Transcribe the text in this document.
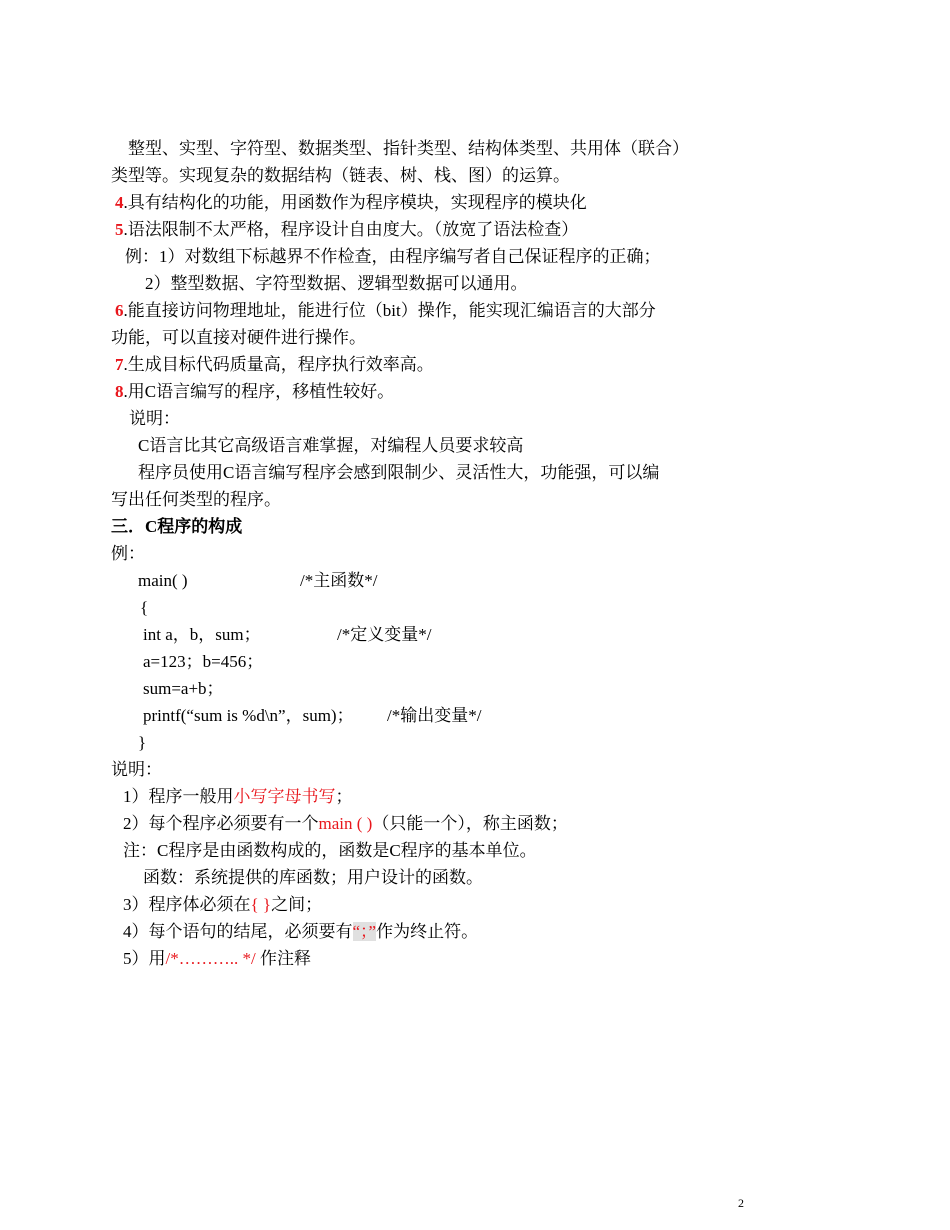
整型、实型、字符型、数据类型、指针类型、结构体类型、共用体（联合）
类型等。实现复杂的数据结构（链表、树、栈、图）的运算。
4.具有结构化的功能，用函数作为程序模块，实现程序的模块化
5.语法限制不太严格，程序设计自由度大。（放宽了语法检查）
例：1）对数组下标越界不作检查，由程序编写者自己保证程序的正确；
2）整型数据、字符型数据、逻辑型数据可以通用。
6.能直接访问物理地址，能进行位（bit）操作，能实现汇编语言的大部分
功能，可以直接对硬件进行操作。
7.生成目标代码质量高，程序执行效率高。
8.用C语言编写的程序，移植性较好。
说明：
C语言比其它高级语言难掌握，对编程人员要求较高
程序员使用C语言编写程序会感到限制少、灵活性大，功能强，可以编
写出任何类型的程序。
三．C程序的构成
例：
main( )	/*主函数*/
{
int a，b，sum；	/*定义变量*/
a=123；b=456；
sum=a+b；
printf(“sum is %d\n”，sum)； /*输出变量*/
}
说明：
1）程序一般用小写字母书写；
2）每个程序必须要有一个main ( )（只能一个），称主函数；
注：C程序是由函数构成的，函数是C程序的基本单位。
函数：系统提供的库函数；用户设计的函数。
3）程序体必须在{ }之间；
4）每个语句的结尾，必须要有“；”作为终止符。
5）用/*……….. */ 作注释
2
